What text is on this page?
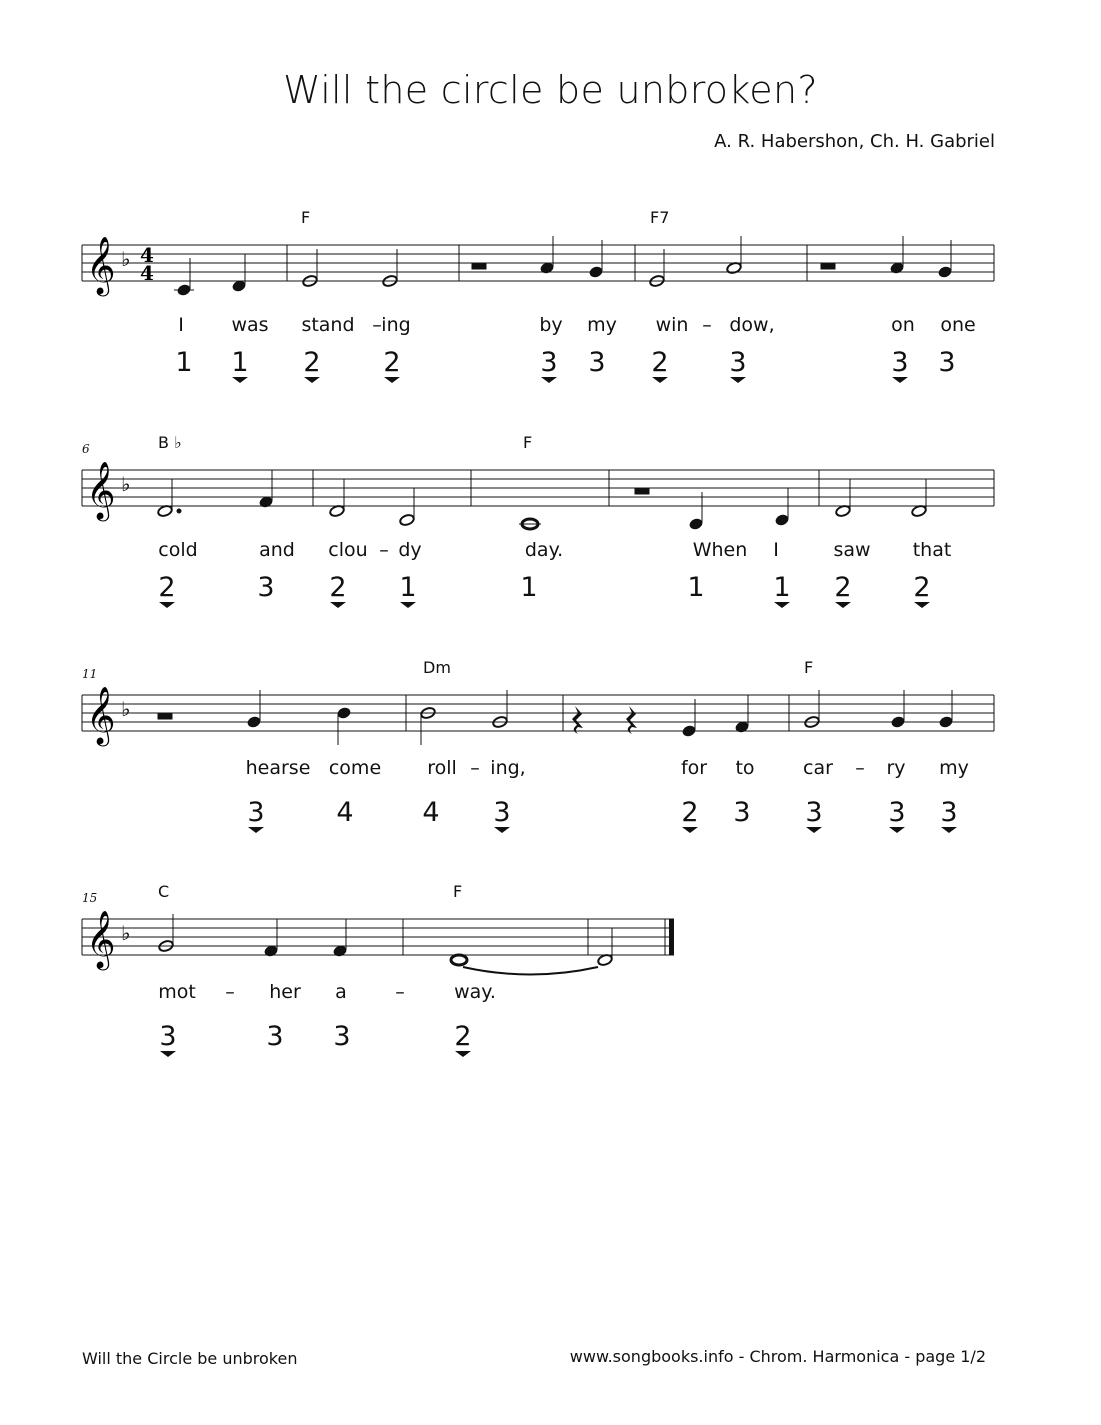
Will the circle be unbroken?
A. R. Habershon, Ch. H. Gabriel
𝄞 ♭ 4
4
F	F7
I	was stand – ing	by my win – dow,	on one
1 1 2 2	3 3 2 3	3 3
𝄞 ♭
6	B ♭	F
cold	and clou – dy	day.	When I	saw that
2	3 2 1	1	1	1 2 2
𝄞 ♭
11	Dm	F
hearse come roll – ing,	for to	car – ry my
3	4	4 3	2 3 3 3 3
𝄞 ♭
15	C	F
mot – her a	–	way.
3	3 3	2
Will the Circle be unbroken	www.songbooks.info - Chrom. Harmonica - page 1/2
